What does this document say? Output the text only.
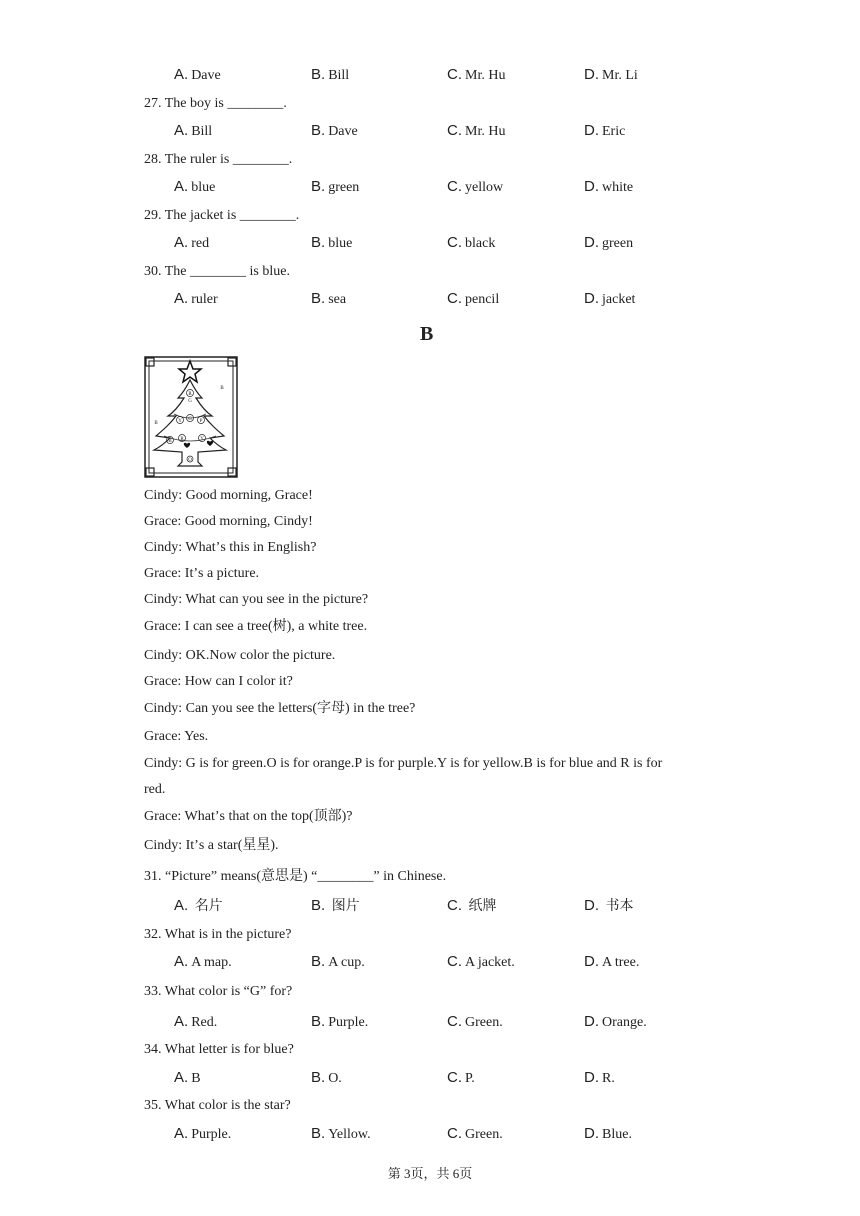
A. Dave	B. Bill	C. Mr. Hu	D. Mr. Li
27. The boy is ________.
A. Bill	B. Dave	C. Mr. Hu	D. Eric
28. The ruler is ________.
A. blue	B. green	C. yellow	D. white
29. The jacket is ________.
A. red	B. blue	C. black	D. green
30. The ________ is blue.
A. ruler	B. sea	C. pencil	D. jacket
B
R
G
Y G P
B R	Y
O
B
B
Cindy: Good morning, Grace!
Grace: Good morning, Cindy!
Cindy: Whatʼs this in English?
Grace: Itʼs a picture.
Cindy: What can you see in the picture?
Grace: I can see a tree(树), a white tree.
Cindy: OK.Now color the picture.
Grace: How can I color it?
Cindy: Can you see the letters(字母) in the tree?
Grace: Yes.
Cindy: G is for green.O is for orange.P is for purple.Y is for yellow.B is for blue and R is for
red.
Grace: Whatʼs that on the top(顶部)?
Cindy: Itʼs a star(星星).
31. “Picture” means(意思是) “________” in Chinese.
A. 名片	B. 图片	C. 纸牌	D. 书本
32. What is in the picture?
A. A map.	B. A cup.	C. A jacket.	D. A tree.
33. What color is “G” for?
A. Red.	B. Purple.	C. Green.	D. Orange.
34. What letter is for blue?
A. B	B. O.	C. P.	D. R.
35. What color is the star?
A. Purple.	B. Yellow.	C. Green.	D. Blue.
第 3页，共 6页
